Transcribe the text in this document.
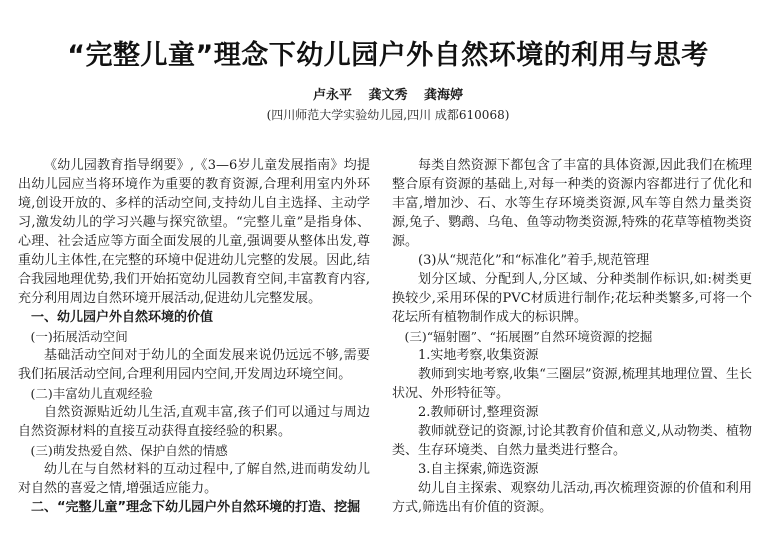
“完整儿童”理念下幼儿园户外自然环境的利用与思考
卢永平 龚文秀 龚海婷
(四川师范大学实验幼儿园,四川 成都610068)

《幼儿园教育指导纲要》,《3—6岁儿童发展指南》均提出幼儿园应当将环境作为重要的教育资源,合理利用室内外环境,创设开放的、多样的活动空间,支持幼儿自主选择、主动学习,激发幼儿的学习兴趣与探究欲望。“完整儿童”是指身体、心理、社会适应等方面全面发展的儿童,强调要从整体出发,尊重幼儿主体性,在完整的环境中促进幼儿完整的发展。因此,结合我园地理优势,我们开始拓宽幼儿园教育空间,丰富教育内容,充分利用周边自然环境开展活动,促进幼儿完整发展。

一、幼儿园户外自然环境的价值

(一)拓展活动空间

基础活动空间对于幼儿的全面发展来说仍远远不够,需要我们拓展活动空间,合理利用园内空间,开发周边环境空间。

(二)丰富幼儿直观经验

自然资源贴近幼儿生活,直观丰富,孩子们可以通过与周边自然资源材料的直接互动获得直接经验的积累。

(三)萌发热爱自然、保护自然的情感

幼儿在与自然材料的互动过程中,了解自然,进而萌发幼儿对自然的喜爱之情,增强适应能力。

二、“完整儿童”理念下幼儿园户外自然环境的打造、挖掘

每类自然资源下都包含了丰富的具体资源,因此我们在梳理整合原有资源的基础上,对每一种类的资源内容都进行了优化和丰富,增加沙、石、水等生存环境类资源,风车等自然力量类资源,兔子、鹦鹉、乌龟、鱼等动物类资源,特殊的花草等植物类资源。

(3)从“规范化”和“标准化”着手,规范管理

划分区域、分配到人,分区域、分种类制作标识,如:树类更换较少,采用环保的PVC材质进行制作;花坛种类繁多,可将一个花坛所有植物制作成大的标识牌。

(三)“辐射圈”、“拓展圈”自然环境资源的挖掘

1.实地考察,收集资源

教师到实地考察,收集“三圈层”资源,梳理其地理位置、生长状况、外形特征等。

2.教师研讨,整理资源

教师就登记的资源,讨论其教育价值和意义,从动物类、植物类、生存环境类、自然力量类进行整合。

3.自主探索,筛选资源

幼儿自主探索、观察幼儿活动,再次梳理资源的价值和利用方式,筛选出有价值的资源。
